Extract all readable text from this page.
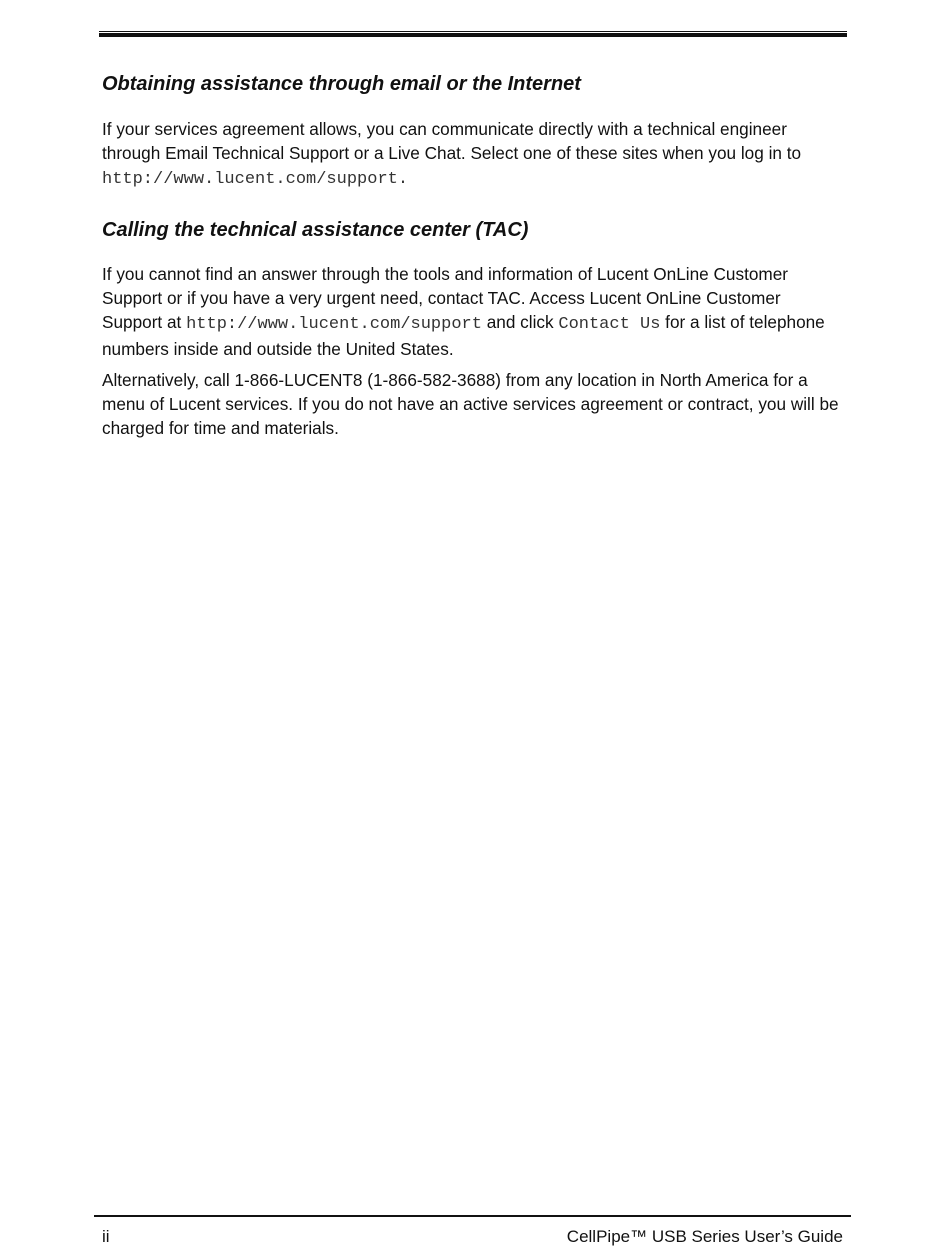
Obtaining assistance through email or the Internet

If your services agreement allows, you can communicate directly with a technical engineer through Email Technical Support or a Live Chat. Select one of these sites when you log in to http://www.lucent.com/support.

Calling the technical assistance center (TAC)

If you cannot find an answer through the tools and information of Lucent OnLine Customer Support or if you have a very urgent need, contact TAC. Access Lucent OnLine Customer Support at http://www.lucent.com/support and click Contact Us for a list of telephone numbers inside and outside the United States.

Alternatively, call 1-866-LUCENT8 (1-866-582-3688) from any location in North America for a menu of Lucent services. If you do not have an active services agreement or contract, you will be charged for time and materials.

ii	CellPipe™ USB Series User’s Guide
